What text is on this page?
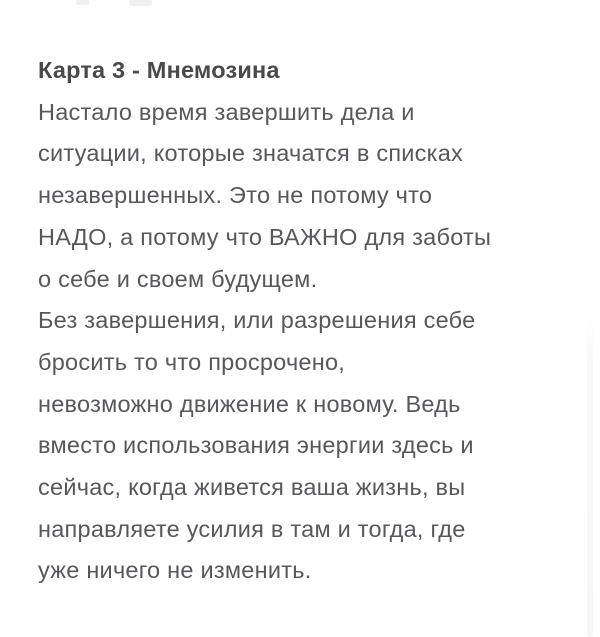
Карта 3 - Мнемозина
Настало время завершить дела и
ситуации, которые значатся в списках
незавершенных. Это не потому что
НАДО, а потому что ВАЖНО для заботы
о себе и своем будущем.
Без завершения, или разрешения себе
бросить то что просрочено,
невозможно движение к новому. Ведь
вместо использования энергии здесь и
сейчас, когда живется ваша жизнь, вы
направляете усилия в там и тогда, где
уже ничего не изменить.
